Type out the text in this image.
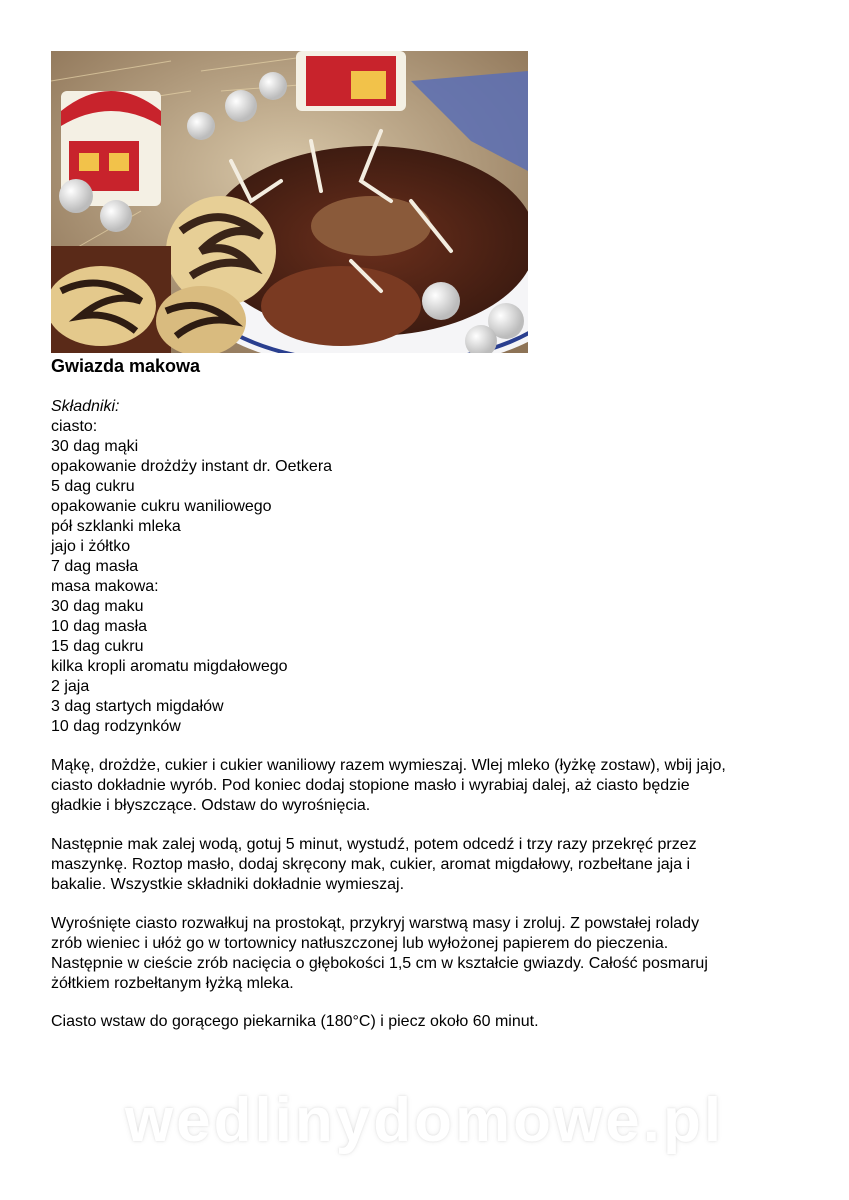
Gwiazda makowa
Składniki:
ciasto:
30 dag mąki
opakowanie drożdży instant dr. Oetkera
5 dag cukru
opakowanie cukru waniliowego
pół szklanki mleka
jajo i żółtko
7 dag masła
masa makowa:
30 dag maku
10 dag masła
15 dag cukru
kilka kropli aromatu migdałowego
2 jaja
3 dag startych migdałów
10 dag rodzynków
Mąkę, drożdże, cukier i cukier waniliowy razem wymieszaj. Wlej mleko (łyżkę zostaw), wbij jajo,
ciasto dokładnie wyrób. Pod koniec dodaj stopione masło i wyrabiaj dalej, aż ciasto będzie
gładkie i błyszczące. Odstaw do wyrośnięcia.
Następnie mak zalej wodą, gotuj 5 minut, wystudź, potem odcedź i trzy razy przekręć przez
maszynkę. Roztop masło, dodaj skręcony mak, cukier, aromat migdałowy, rozbełtane jaja i
bakalie. Wszystkie składniki dokładnie wymieszaj.
Wyrośnięte ciasto rozwałkuj na prostokąt, przykryj warstwą masy i zroluj. Z powstałej rolady
zrób wieniec i ułóż go w tortownicy natłuszczonej lub wyłożonej papierem do pieczenia.
Następnie w cieście zrób nacięcia o głębokości 1,5 cm w kształcie gwiazdy. Całość posmaruj
żółtkiem rozbełtanym łyżką mleka.
Ciasto wstaw do gorącego piekarnika (180°C) i piecz około 60 minut.
wedlinydomowe.pl
